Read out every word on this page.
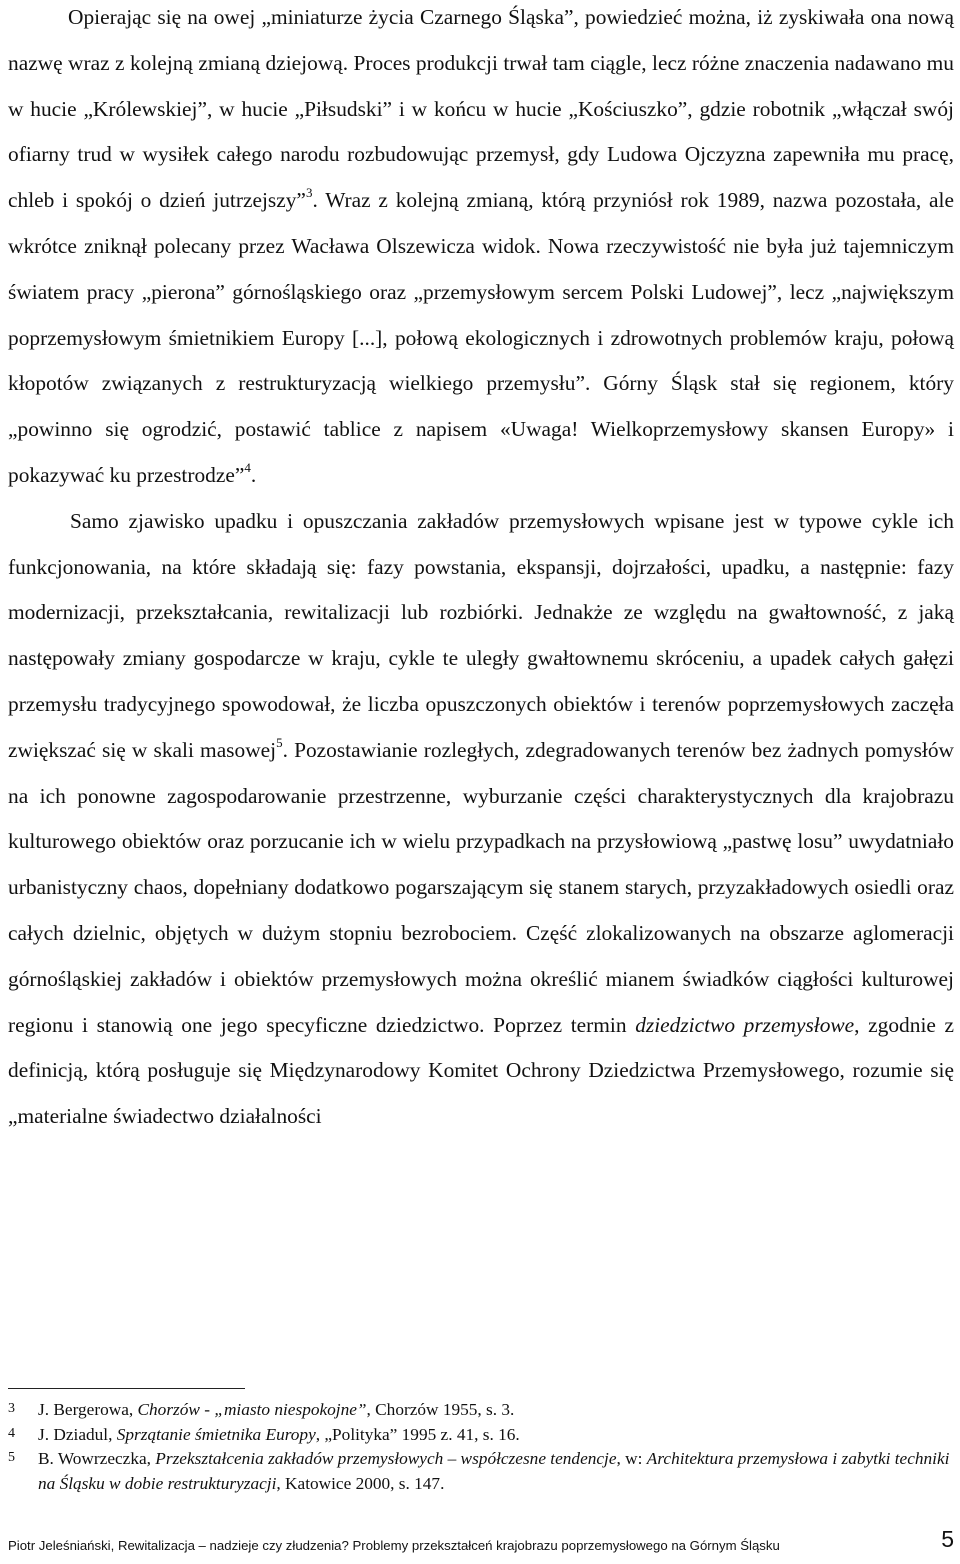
Opierając się na owej „miniaturze życia Czarnego Śląska”, powiedzieć można, iż zyskiwała ona nową nazwę wraz z kolejną zmianą dziejową. Proces produkcji trwał tam ciągle, lecz różne znaczenia nadawano mu w hucie „Królewskiej”, w hucie „Piłsudski” i w końcu w hucie „Kościuszko”, gdzie robotnik „włączał swój ofiarny trud w wysiłek całego narodu rozbudowując przemysł, gdy Ludowa Ojczyzna zapewniła mu pracę, chleb i spokój o dzień jutrzejszy”$^3$. Wraz z kolejną zmianą, którą przyniósł rok 1989, nazwa pozostała, ale wkrótce zniknął polecany przez Wacława Olszewicza widok. Nowa rzeczywistość nie była już tajemniczym światem pracy „pierona” górnośląskiego oraz „przemysłowym sercem Polski Ludowej”, lecz „największym poprzemysłowym śmietnikiem Europy [...], połową ekologicznych i zdrowotnych problemów kraju, połową kłopotów związanych z restrukturyzacją wielkiego przemysłu”. Górny Śląsk stał się regionem, który „powinno się ogrodzić, postawić tablice z napisem «Uwaga! Wielkoprzemysłowy skansen Europy» i pokazywać ku przestrodze”$^4$.

Samo zjawisko upadku i opuszczania zakładów przemysłowych wpisane jest w typowe cykle ich funkcjonowania, na które składają się: fazy powstania, ekspansji, dojrzałości, upadku, a następnie: fazy modernizacji, przekształcania, rewitalizacji lub rozbiórki. Jednakże ze względu na gwałtowność, z jaką następowały zmiany gospodarcze w kraju, cykle te uległy gwałtownemu skróceniu, a upadek całych gałęzi przemysłu tradycyjnego spowodował, że liczba opuszczonych obiektów i terenów poprzemysłowych zaczęła zwiększać się w skali masowej$^5$. Pozostawianie rozległych, zdegradowanych terenów bez żadnych pomysłów na ich ponowne zagospodarowanie przestrzenne, wyburzanie części charakterystycznych dla krajobrazu kulturowego obiektów oraz porzucanie ich w wielu przypadkach na przysłowiową „pastwę losu” uwydatniało urbanistyczny chaos, dopełniany dodatkowo pogarszającym się stanem starych, przyzakładowych osiedli oraz całych dzielnic, objętych w dużym stopniu bezrobociem. Część zlokalizowanych na obszarze aglomeracji górnośląskiej zakładów i obiektów przemysłowych można określić mianem świadków ciągłości kulturowej regionu i stanowią one jego specyficzne dziedzictwo. Poprzez termin dziedzictwo przemysłowe, zgodnie z definicją, którą posługuje się Międzynarodowy Komitet Ochrony Dziedzictwa Przemysłowego, rozumie się „materialne świadectwo działalności

3	J. Bergerowa, Chorzów - „miasto niespokojne”, Chorzów 1955, s. 3.
4	J. Dziadul, Sprzątanie śmietnika Europy, „Polityka” 1995 z. 41, s. 16.
5	B. Wowrzeczka, Przekształcenia zakładów przemysłowych – współczesne tendencje, w: Architektura przemysłowa i zabytki techniki na Śląsku w dobie restrukturyzacji, Katowice 2000, s. 147.
Piotr Jeleśniański, Rewitalizacja – nadzieje czy złudzenia? Problemy przekształceń krajobrazu poprzemysłowego na Górnym Śląsku	5
